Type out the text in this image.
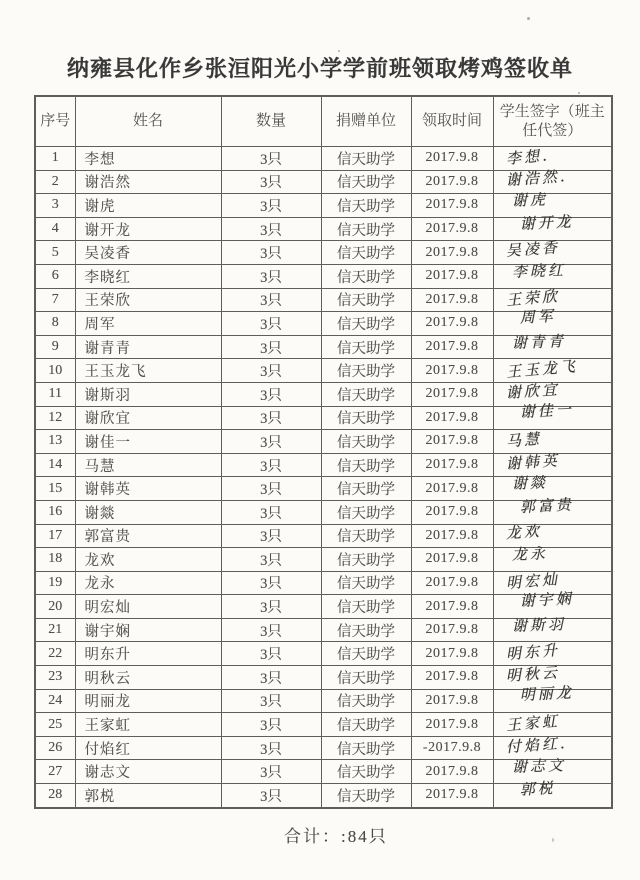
纳雍县化作乡张洹阳光小学学前班领取烤鸡签收单
序号	姓名	数量	捐赠单位	领取时间	学生签字（班主任代签）
1	李想	3只	信天助学	2017.9.8	李想.
2	谢浩然	3只	信天助学	2017.9.8	谢浩然.
3	谢虎	3只	信天助学	2017.9.8	谢虎
4	谢开龙	3只	信天助学	2017.9.8	谢开龙
5	吴凌香	3只	信天助学	2017.9.8	吴凌香
6	李晓红	3只	信天助学	2017.9.8	李晓红
7	王荣欣	3只	信天助学	2017.9.8	王荣欣
8	周军	3只	信天助学	2017.9.8	周军
9	谢青青	3只	信天助学	2017.9.8	谢青青
10	王玉龙飞	3只	信天助学	2017.9.8	王玉龙飞
11	谢斯羽	3只	信天助学	2017.9.8	谢欣宜
12	谢欣宜	3只	信天助学	2017.9.8	谢佳一
13	谢佳一	3只	信天助学	2017.9.8	马慧
14	马慧	3只	信天助学	2017.9.8	谢韩英
15	谢韩英	3只	信天助学	2017.9.8	谢燚
16	谢燚	3只	信天助学	2017.9.8	郭富贵
17	郭富贵	3只	信天助学	2017.9.8	龙欢
18	龙欢	3只	信天助学	2017.9.8	龙永
19	龙永	3只	信天助学	2017.9.8	明宏灿
20	明宏灿	3只	信天助学	2017.9.8	谢宇娴
21	谢宇娴	3只	信天助学	2017.9.8	谢斯羽
22	明东升	3只	信天助学	2017.9.8	明东升
23	明秋云	3只	信天助学	2017.9.8	明秋云
24	明丽龙	3只	信天助学	2017.9.8	明丽龙
25	王家虹	3只	信天助学	2017.9.8	王家虹
26	付焰红	3只	信天助学	-2017.9.8	付焰红.
27	谢志文	3只	信天助学	2017.9.8	谢志文
28	郭棁	3只	信天助学	2017.9.8	郭棁
合计：:84只
